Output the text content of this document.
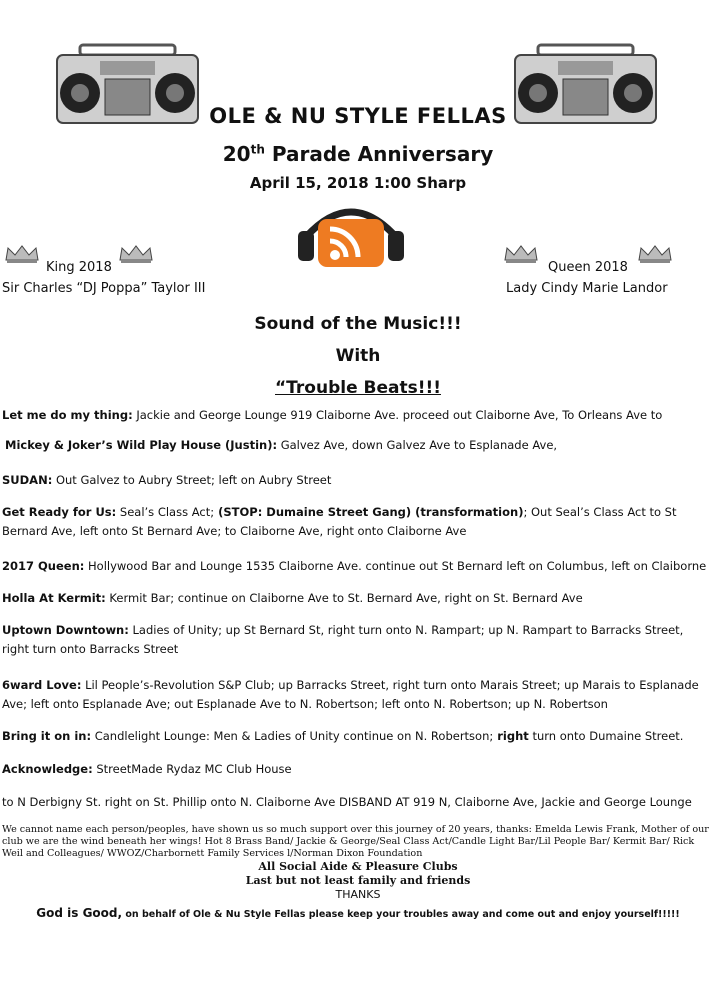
OLE & NU STYLE FELLAS
20th Parade Anniversary
April 15, 2018 1:00 Sharp
King 2018
Sir Charles “DJ Poppa” Taylor III
Queen 2018
Lady Cindy Marie Landor
Sound of the Music!!!
With
“Trouble Beats!!!
Let me do my thing: Jackie and George Lounge 919 Claiborne Ave. proceed out Claiborne Ave, To Orleans Ave to
Mickey & Joker’s Wild Play House (Justin): Galvez Ave, down Galvez Ave to Esplanade Ave,
SUDAN: Out Galvez to Aubry Street; left on Aubry Street
Get Ready for Us: Seal’s Class Act; (STOP: Dumaine Street Gang) (transformation); Out Seal’s Class Act to St Bernard Ave, left onto St Bernard Ave; to Claiborne Ave, right onto Claiborne Ave
2017 Queen: Hollywood Bar and Lounge 1535 Claiborne Ave. continue out St Bernard left on Columbus, left on Claiborne
Holla At Kermit: Kermit Bar; continue on Claiborne Ave to St. Bernard Ave, right on St. Bernard Ave
Uptown Downtown: Ladies of Unity; up St Bernard St, right turn onto N. Rampart; up N. Rampart to Barracks Street, right turn onto Barracks Street
6ward Love: Lil People’s-Revolution S&P Club; up Barracks Street, right turn onto Marais Street; up Marais to Esplanade Ave; left onto Esplanade Ave; out Esplanade Ave to N. Robertson; left onto N. Robertson; up N. Robertson
Bring it on in: Candlelight Lounge: Men & Ladies of Unity continue on N. Robertson; right turn onto Dumaine Street.
Acknowledge: StreetMade Rydaz MC Club House
to N Derbigny St. right on St. Phillip onto N. Claiborne Ave DISBAND AT 919 N, Claiborne Ave, Jackie and George Lounge
We cannot name each person/peoples, have shown us so much support over this journey of 20 years, thanks: Emelda Lewis Frank, Mother of our club we are the wind beneath her wings! Hot 8 Brass Band/ Jackie & George/Seal Class Act/Candle Light Bar/Lil People Bar/ Kermit Bar/ Rick Weil and Colleagues/ WWOZ/Charbornett Family Services l/Norman Dixon Foundation
All Social Aide & Pleasure Clubs
Last but not least family and friends
THANKS
God is Good, on behalf of Ole & Nu Style Fellas please keep your troubles away and come out and enjoy yourself!!!!!
